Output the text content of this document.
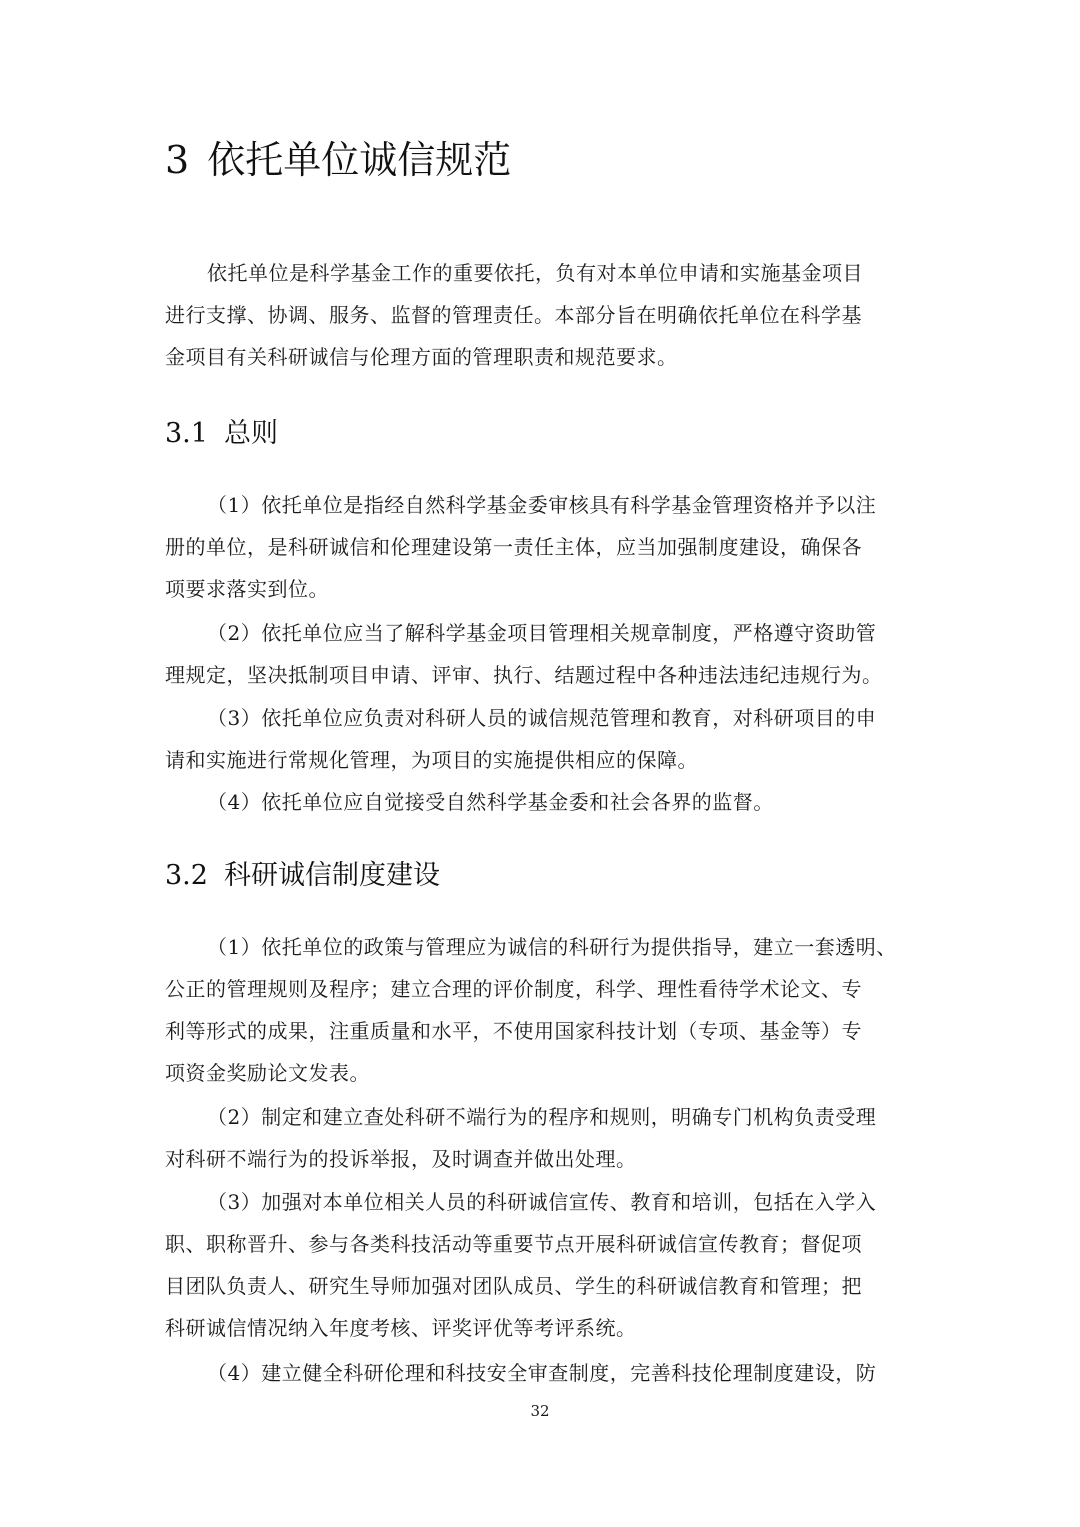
3 依托单位诚信规范
依托单位是科学基金工作的重要依托，负有对本单位申请和实施基金项目
进行支撑、协调、服务、监督的管理责任。本部分旨在明确依托单位在科学基
金项目有关科研诚信与伦理方面的管理职责和规范要求。
3.1 总则
（1）依托单位是指经自然科学基金委审核具有科学基金管理资格并予以注
册的单位，是科研诚信和伦理建设第一责任主体，应当加强制度建设，确保各
项要求落实到位。
（2）依托单位应当了解科学基金项目管理相关规章制度，严格遵守资助管
理规定，坚决抵制项目申请、评审、执行、结题过程中各种违法违纪违规行为。
（3）依托单位应负责对科研人员的诚信规范管理和教育，对科研项目的申
请和实施进行常规化管理，为项目的实施提供相应的保障。
（4）依托单位应自觉接受自然科学基金委和社会各界的监督。
3.2 科研诚信制度建设
（1）依托单位的政策与管理应为诚信的科研行为提供指导，建立一套透明、
公正的管理规则及程序；建立合理的评价制度，科学、理性看待学术论文、专
利等形式的成果，注重质量和水平，不使用国家科技计划（专项、基金等）专
项资金奖励论文发表。
（2）制定和建立查处科研不端行为的程序和规则，明确专门机构负责受理
对科研不端行为的投诉举报，及时调查并做出处理。
（3）加强对本单位相关人员的科研诚信宣传、教育和培训，包括在入学入
职、职称晋升、参与各类科技活动等重要节点开展科研诚信宣传教育；督促项
目团队负责人、研究生导师加强对团队成员、学生的科研诚信教育和管理；把
科研诚信情况纳入年度考核、评奖评优等考评系统。
（4）建立健全科研伦理和科技安全审查制度，完善科技伦理制度建设，防
32
